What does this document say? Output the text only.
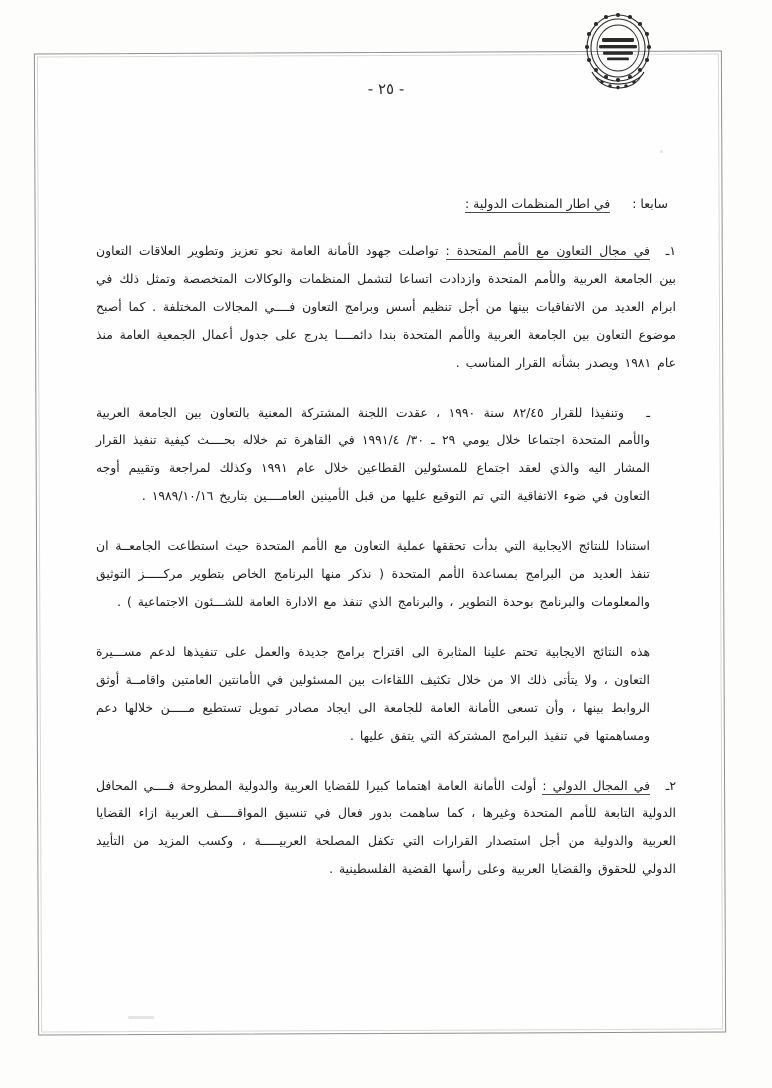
- ٢٥ -
سابعا : في اطار المنظمات الدولية :

١ـفي مجال التعاون مع الأمم المتحدة : تواصلت جهود الأمانة العامة نحو تعزيز وتطوير العلاقات التعاون بين الجامعة العربية والأمم المتحدة وازدادت اتساعا لتشمل المنظمات والوكالات المتخصصة وتمثل ذلك في ابرام العديد من الاتفاقيات بينها من أجل تنظيم أسس وبرامج التعاون فــــي المجالات المختلفة . كما أصبح موضوع التعاون بين الجامعة العربية والأمم المتحدة بندا دائمــــا يدرج على جدول أعمال الجمعية العامة منذ عام ١٩٨١ ويصدر بشأنه القرار المناسب .

ـوتنفيذا للقرار ٨٢/٤٥ سنة ١٩٩٠ ، عقدت اللجنة المشتركة المعنية بالتعاون بين الجامعة العربية والأمم المتحدة اجتماعا خلال يومي ٢٩ ـ ٣٠/ ١٩٩١/٤ في القاهرة تم خلاله بحــــث كيفية تنفيذ القرار المشار اليه والذي لعقد اجتماع للمسئولين القطاعين خلال عام ١٩٩١ وكذلك لمراجعة وتقييم أوجه التعاون في ضوء الاتفاقية التي تم التوقيع عليها من قبل الأمينين العامــــين بتاريخ ١٩٨٩/١٠/١٦ .

استنادا للنتائج الايجابية التي بدأت تحققها عملية التعاون مع الأمم المتحدة حيث استطاعت الجامعــة ان تنفذ العديد من البرامج بمساعدة الأمم المتحدة ( نذكر منها البرنامج الخاص بتطوير مركـــــز التوثيق والمعلومات والبرنامج بوحدة التطوير ، والبرنامج الذي تنفذ مع الادارة العامة للشـــئون الاجتماعية ) .

هذه النتائج الايجابية تحتم علينا المثابرة الى اقتراح برامج جديدة والعمل على تنفيذها لدعم مســـيرة التعاون ، ولا يتأتى ذلك الا من خلال تكثيف اللقاءات بين المسئولين في الأمانتين العامتين واقامــة أوثق الروابط بينها ، وأن تسعى الأمانة العامة للجامعة الى ايجاد مصادر تمويل تستطيع مـــــن خلالها دعم ومساهمتها في تنفيذ البرامج المشتركة التي يتفق عليها .

٢ـفي المجال الدولي : أولت الأمانة العامة اهتماما كبيرا للقضايا العربية والدولية المطروحة فــــي المحافل الدولية التابعة للأمم المتحدة وغيرها ، كما ساهمت بدور فعال في تنسيق المواقـــــف العربية ازاء القضايا العربية والدولية من أجل استصدار القرارات التي تكفل المصلحة العربيـــــة ، وكسب المزيد من التأييد الدولي للحقوق والقضايا العربية وعلى رأسها القضية الفلسطينية .
